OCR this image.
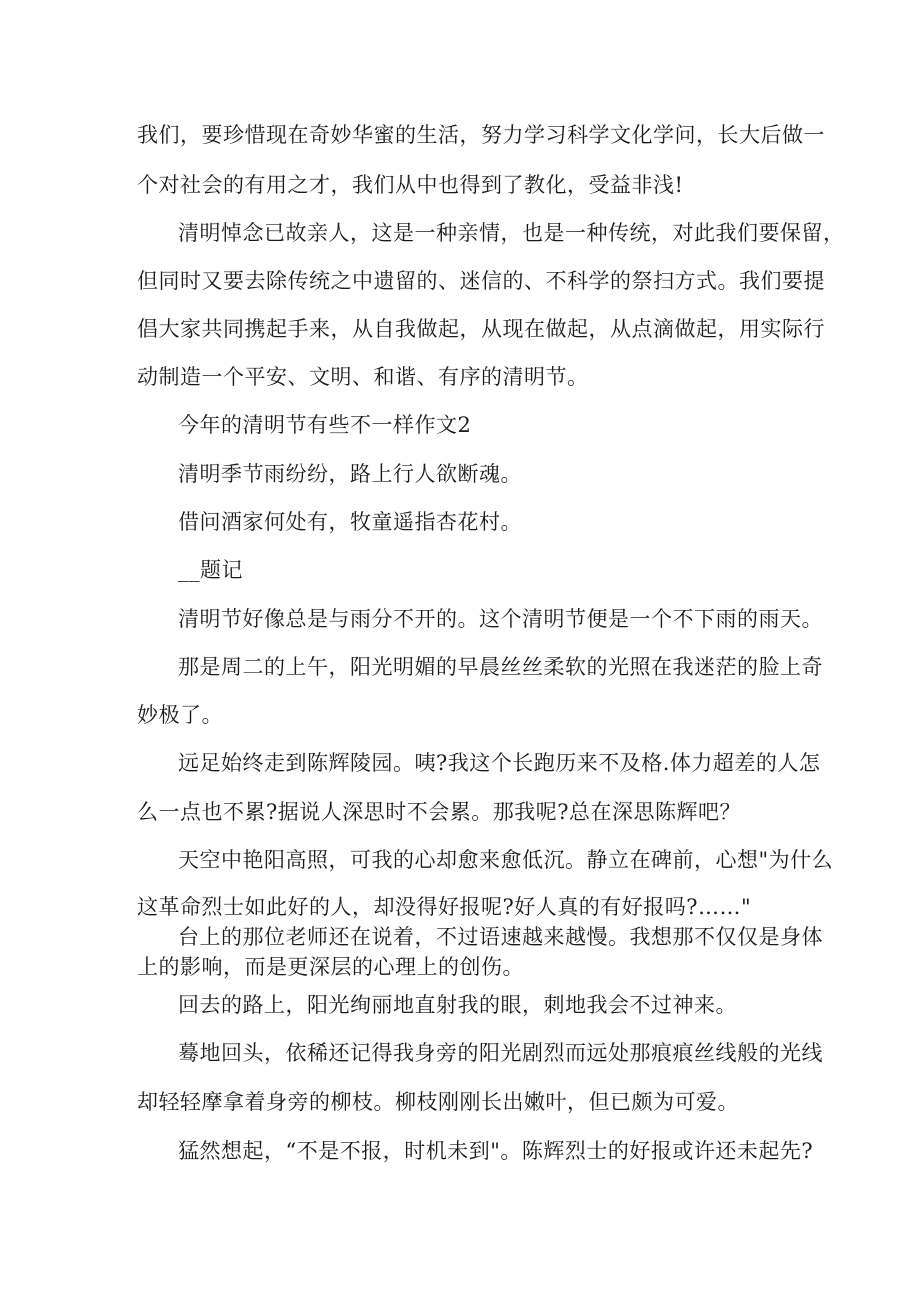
我们，要珍惜现在奇妙华蜜的生活，努力学习科学文化学问，长大后做一
个对社会的有用之才，我们从中也得到了教化，受益非浅!
清明悼念已故亲人，这是一种亲情，也是一种传统，对此我们要保留，
但同时又要去除传统之中遗留的、迷信的、不科学的祭扫方式。我们要提
倡大家共同携起手来，从自我做起，从现在做起，从点滴做起，用实际行
动制造一个平安、文明、和谐、有序的清明节。
今年的清明节有些不一样作文2
清明季节雨纷纷，路上行人欲断魂。
借问酒家何处有，牧童遥指杏花村。
__题记
清明节好像总是与雨分不开的。这个清明节便是一个不下雨的雨天。
那是周二的上午，阳光明媚的早晨丝丝柔软的光照在我迷茫的脸上奇
妙极了。
远足始终走到陈辉陵园。咦?我这个长跑历来不及格.体力超差的人怎
么一点也不累?据说人深思时不会累。那我呢?总在深思陈辉吧？
天空中艳阳高照，可我的心却愈来愈低沉。静立在碑前，心想"为什么
这革命烈士如此好的人，却没得好报呢?好人真的有好报吗?……"
台上的那位老师还在说着，不过语速越来越慢。我想那不仅仅是身体
上的影响，而是更深层的心理上的创伤。
回去的路上，阳光绚丽地直射我的眼，刺地我会不过神来。
蓦地回头，依稀还记得我身旁的阳光剧烈而远处那痕痕丝线般的光线
却轻轻摩拿着身旁的柳枝。柳枝刚刚长出嫩叶，但已颇为可爱。
猛然想起，“不是不报，时机未到"。陈辉烈士的好报或许还未起先?
